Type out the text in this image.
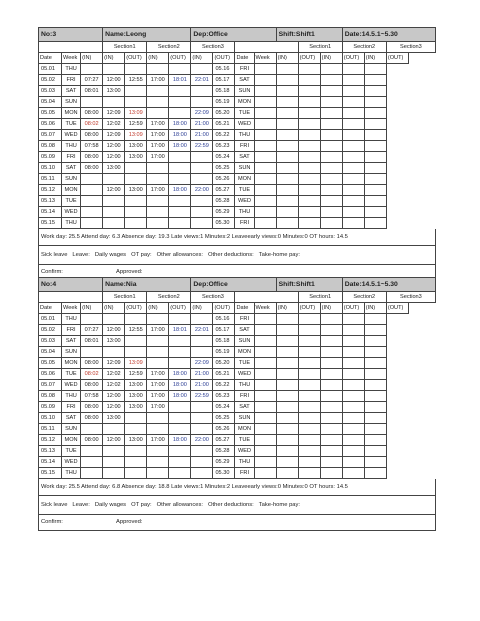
No:3			Name:Leong				Dep:Office				Shift:Shift1			Date:14.5.1~5.30		
			Section1		Section2		Section3					Section1		Section2		Section3
Date	Week	(IN)	(IN)	(OUT)	(IN)	(OUT)	(IN)	(OUT)	Date	Week	(IN)	(OUT)	(IN)	(OUT)	(IN)	(OUT)
05.01	THU							05.16	FRI							
05.02	FRI	07:27	12:00	12:55	17:00	18:01	22:01	05.17	SAT							
05.03	SAT	08:01	13:00					05.18	SUN							
05.04	SUN							05.19	MON							
05.05	MON	08:00	12:09	13:09			22:09	05.20	TUE							
05.06	TUE	08:02	12:02	12:59	17:00	18:00	21:00	05.21	WED							
05.07	WED	08:00	12:09	13:09	17:00	18:00	21:00	05.22	THU							
05.08	THU	07:58	12:00	13:00	17:00	18:00	22:59	05.23	FRI							
05.09	FRI	08:00	12:00	13:00	17:00			05.24	SAT							
05.10	SAT	08:00	13:00					05.25	SUN							
05.11	SUN							05.26	MON							
05.12	MON		12:00	13:00	17:00	18:00	22:00	05.27	TUE							
05.13	TUE							05.28	WED							
05.14	WED							05.29	THU							
05.15	THU							05.30	FRI							
Work day: 25.5 Attend day: 6.3 Absence day: 19.3 Late views:1 Minutes:2 Leaveearly views:0 Minutes:0 OT hours: 14.5
Sick leave Leave: Daily wages OT pay: Other allowances: Other deductions: Take-home pay:
Confirm:	Approved:
No:4			Name:Nia				Dep:Office				Shift:Shift1			Date:14.5.1~5.30		
			Section1		Section2		Section3					Section1		Section2		Section3
Date	Week	(IN)	(IN)	(OUT)	(IN)	(OUT)	(IN)	(OUT)	Date	Week	(IN)	(OUT)	(IN)	(OUT)	(IN)	(OUT)
05.01	THU							05.16	FRI							
05.02	FRI	07:27	12:00	12:55	17:00	18:01	22:01	05.17	SAT							
05.03	SAT	08:01	13:00					05.18	SUN							
05.04	SUN							05.19	MON							
05.05	MON	08:00	12:09	13:09			22:09	05.20	TUE							
05.06	TUE	08:02	12:02	12:59	17:00	18:00	21:00	05.21	WED							
05.07	WED	08:00	12:02	13:00	17:00	18:00	21:00	05.22	THU							
05.08	THU	07:58	12:00	13:00	17:00	18:00	22:59	05.23	FRI							
05.09	FRI	08:00	12:00	13:00	17:00			05.24	SAT							
05.10	SAT	08:00	13:00					05.25	SUN							
05.11	SUN							05.26	MON							
05.12	MON	08:00	12:00	13:00	17:00	18:00	22:00	05.27	TUE							
05.13	TUE							05.28	WED							
05.14	WED							05.29	THU							
05.15	THU							05.30	FRI							
Work day: 25.5 Attend day: 6.8 Absence day: 18.8 Late views:1 Minutes:2 Leaveearly views:0 Minutes:0 OT hours: 14.5
Sick leave Leave: Daily wages OT pay: Other allowances: Other deductions: Take-home pay:
Confirm:	Approved:
